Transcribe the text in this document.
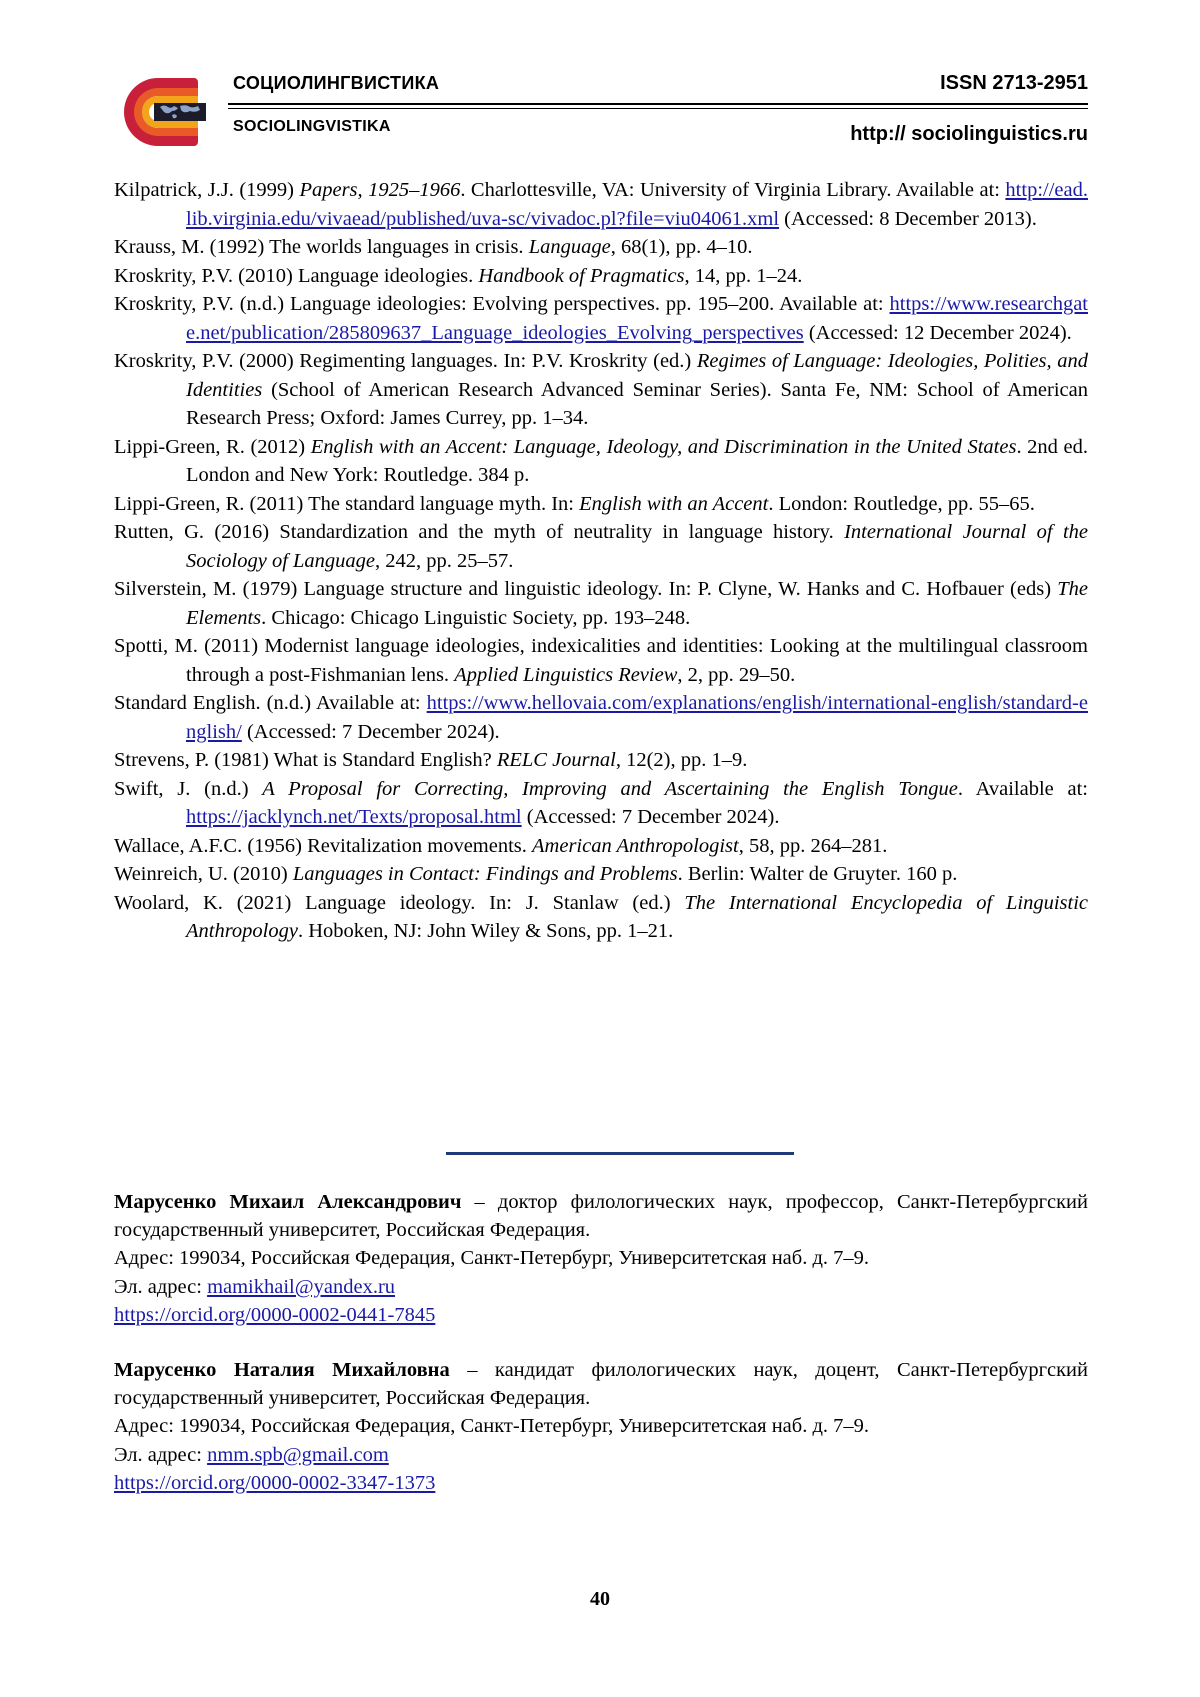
СОЦИОЛИНГВИСТИКА

SOCIOLINGVISTIKA

ISSN 2713-2951

http:// sociolinguistics.ru

Kilpatrick, J.J. (1999) Papers, 1925–1966. Charlottesville, VA: University of Virginia Library. Available at: http://ead.lib.virginia.edu/vivaead/published/uva-sc/vivadoc.pl?file=viu04061.xml (Accessed: 8 December 2013).
Krauss, M. (1992) The worlds languages in crisis. Language, 68(1), pp. 4–10.
Kroskrity, P.V. (2010) Language ideologies. Handbook of Pragmatics, 14, pp. 1–24.
Kroskrity, P.V. (n.d.) Language ideologies: Evolving perspectives. pp. 195–200. Available at: https://www.researchgate.net/publication/285809637_Language_ideologies_Evolving_perspectives (Accessed: 12 December 2024).
Kroskrity, P.V. (2000) Regimenting languages. In: P.V. Kroskrity (ed.) Regimes of Language: Ideologies, Polities, and Identities (School of American Research Advanced Seminar Series). Santa Fe, NM: School of American Research Press; Oxford: James Currey, pp. 1–34.
Lippi-Green, R. (2012) English with an Accent: Language, Ideology, and Discrimination in the United States. 2nd ed. London and New York: Routledge. 384 p.
Lippi-Green, R. (2011) The standard language myth. In: English with an Accent. London: Routledge, pp. 55–65.
Rutten, G. (2016) Standardization and the myth of neutrality in language history. International Journal of the Sociology of Language, 242, pp. 25–57.
Silverstein, M. (1979) Language structure and linguistic ideology. In: P. Clyne, W. Hanks and C. Hofbauer (eds) The Elements. Chicago: Chicago Linguistic Society, pp. 193–248.
Spotti, M. (2011) Modernist language ideologies, indexicalities and identities: Looking at the multilingual classroom through a post-Fishmanian lens. Applied Linguistics Review, 2, pp. 29–50.
Standard English. (n.d.) Available at: https://www.hellovaia.com/explanations/english/international-english/standard-english/ (Accessed: 7 December 2024).
Strevens, P. (1981) What is Standard English? RELC Journal, 12(2), pp. 1–9.
Swift, J. (n.d.) A Proposal for Correcting, Improving and Ascertaining the English Tongue. Available at: https://jacklynch.net/Texts/proposal.html (Accessed: 7 December 2024).
Wallace, A.F.C. (1956) Revitalization movements. American Anthropologist, 58, pp. 264–281.
Weinreich, U. (2010) Languages in Contact: Findings and Problems. Berlin: Walter de Gruyter. 160 p.
Woolard, K. (2021) Language ideology. In: J. Stanlaw (ed.) The International Encyclopedia of Linguistic Anthropology. Hoboken, NJ: John Wiley & Sons, pp. 1–21.

Марусенко Михаил Александрович – доктор филологических наук, профессор, Санкт-Петербургский государственный университет, Российская Федерация.

Адрес: 199034, Российская Федерация, Санкт-Петербург, Университетская наб. д. 7–9.

Эл. адрес: mamikhail@yandex.ru

https://orcid.org/0000-0002-0441-7845

Марусенко Наталия Михайловна – кандидат филологических наук, доцент, Санкт-Петербургский государственный университет, Российская Федерация.

Адрес: 199034, Российская Федерация, Санкт-Петербург, Университетская наб. д. 7–9.

Эл. адрес: nmm.spb@gmail.com

https://orcid.org/0000-0002-3347-1373

40
